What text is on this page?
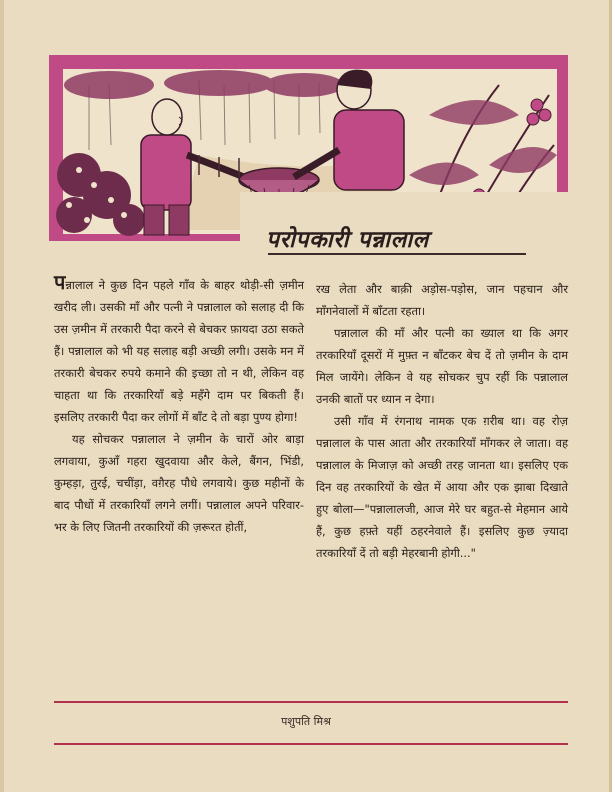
परोपकारी पन्नालाल

पन्नालाल ने कुछ दिन पहले गाँव के बाहर थोड़ी-सी ज़मीन खरीद ली। उसकी माँ और पत्नी ने पन्नालाल को सलाह दी कि उस ज़मीन में तरकारी पैदा करने से बेचकर फ़ायदा उठा सकते हैं। पन्नालाल को भी यह सलाह बड़ी अच्छी लगी। उसके मन में तरकारी बेचकर रुपये कमाने की इच्छा तो न थी, लेकिन वह चाहता था कि तरकारियाँ बड़े महँगे दाम पर बिकती हैं। इसलिए तरकारी पैदा कर लोगों में बाँट दे तो बड़ा पुण्य होगा!

यह सोचकर पन्नालाल ने ज़मीन के चारों ओर बाड़ा लगवाया, कुआँ गहरा खुदवाया और केले, बैंगन, भिंडी, कुम्हड़ा, तुरई, चचींड़ा, वग़ैरह पौधे लगवाये। कुछ महीनों के बाद पौधों में तरकारियाँ लगने लगीं। पन्नालाल अपने परिवार-भर के लिए जितनी तरकारियों की ज़रूरत होतीं,

रख लेता और बाक़ी अड़ोस-पड़ोस, जान पहचान और माँगनेवालों में बाँटता रहता।

पन्नालाल की माँ और पत्नी का ख्याल था कि अगर तरकारियाँ दूसरों में मुफ़्त न बाँटकर बेच दें तो ज़मीन के दाम मिल जायेंगे। लेकिन वे यह सोचकर चुप रहीं कि पन्नालाल उनकी बातों पर ध्यान न देगा।

उसी गाँव में रंगनाथ नामक एक ग़रीब था। वह रोज़ पन्नालाल के पास आता और तरकारियाँ माँगकर ले जाता। वह पन्नालाल के मिजाज़ को अच्छी तरह जानता था। इसलिए एक दिन वह तरकारियों के खेत में आया और एक झाबा दिखाते हुए बोला—"पन्नालालजी, आज मेरे घर बहुत-से मेहमान आये हैं, कुछ हफ़्ते यहीं ठहरनेवाले हैं। इसलिए कुछ ज़्यादा तरकारियाँ दें तो बड़ी मेहरबानी होगी..."

पशुपति मिश्र
